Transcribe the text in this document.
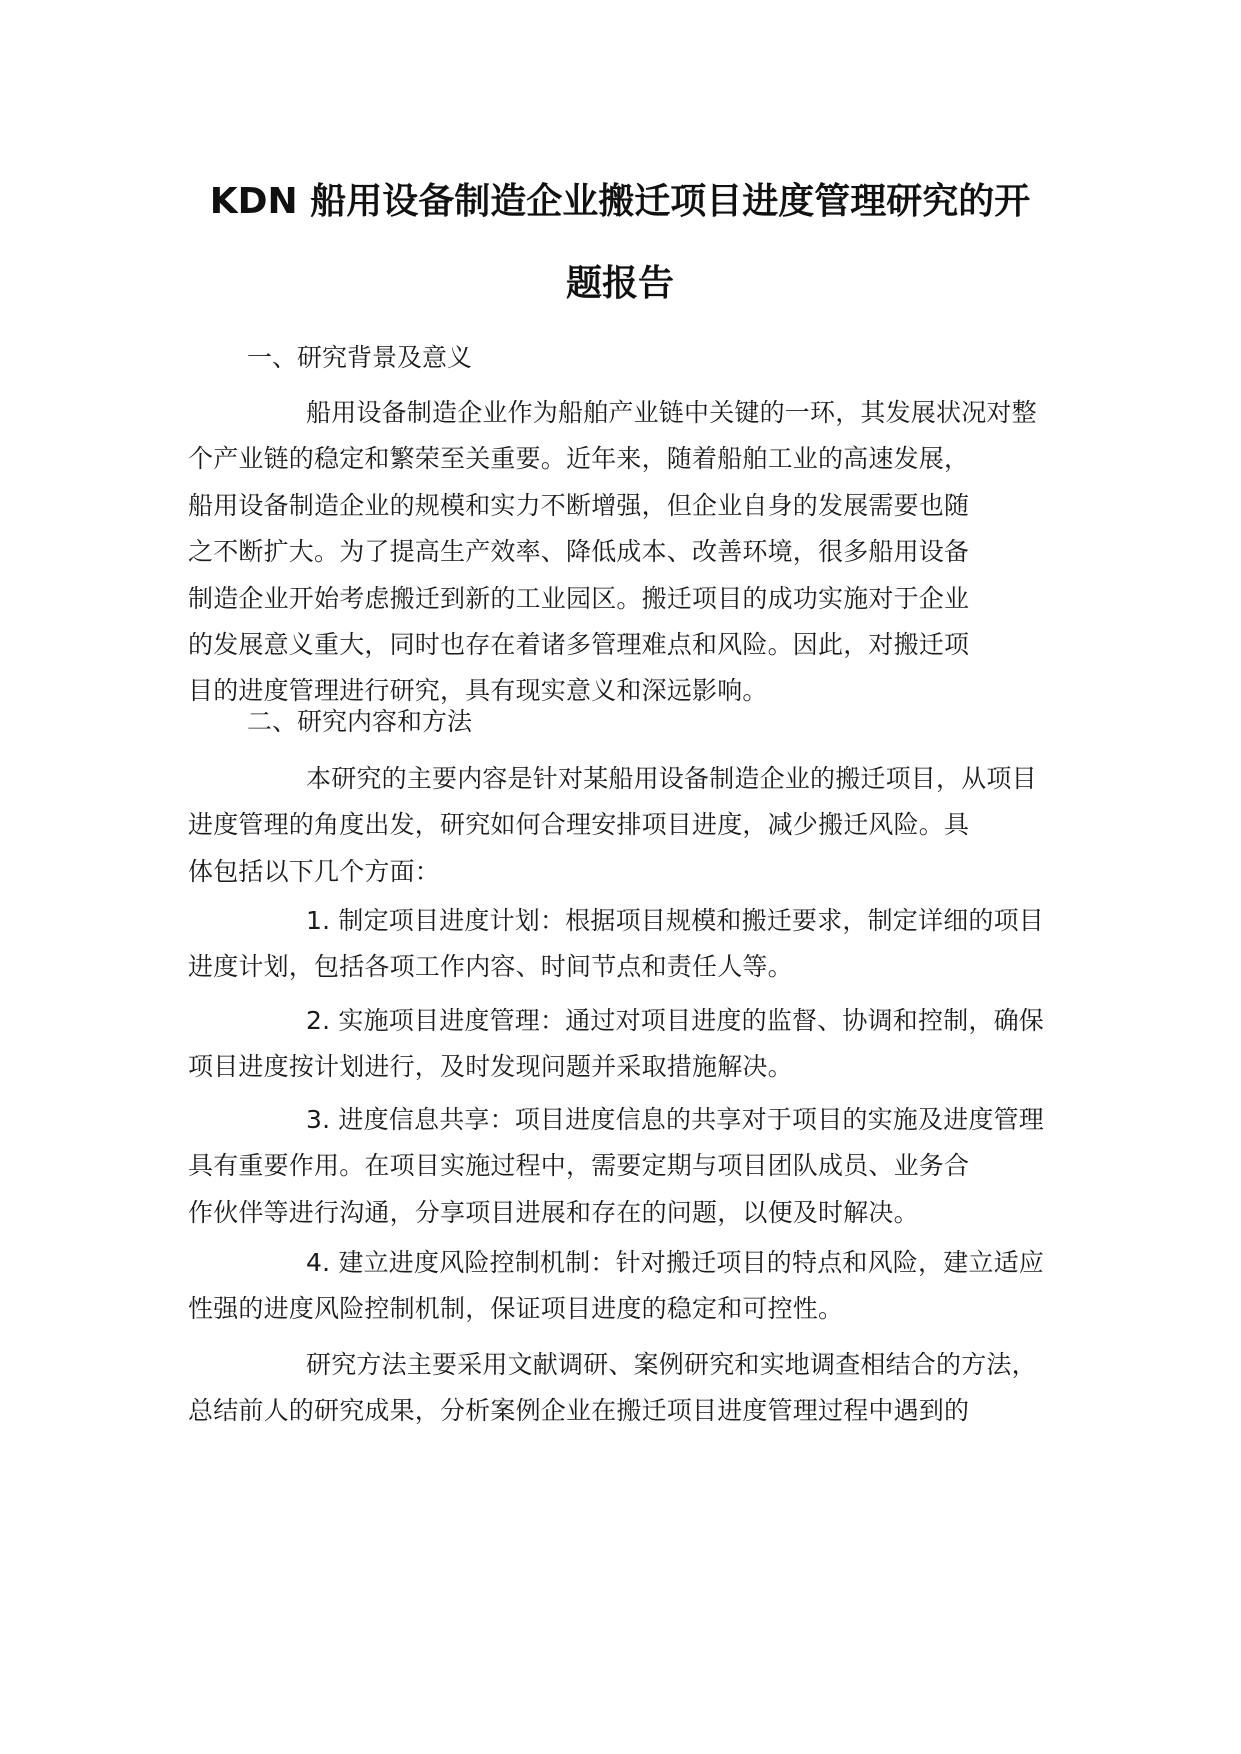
KDN 船用设备制造企业搬迁项目进度管理研究的开
题报告
一、研究背景及意义
船用设备制造企业作为船舶产业链中关键的一环，其发展状况对整
个产业链的稳定和繁荣至关重要。近年来，随着船舶工业的高速发展，
船用设备制造企业的规模和实力不断增强，但企业自身的发展需要也随
之不断扩大。为了提高生产效率、降低成本、改善环境，很多船用设备
制造企业开始考虑搬迁到新的工业园区。搬迁项目的成功实施对于企业
的发展意义重大，同时也存在着诸多管理难点和风险。因此，对搬迁项
目的进度管理进行研究，具有现实意义和深远影响。
二、研究内容和方法
本研究的主要内容是针对某船用设备制造企业的搬迁项目，从项目
进度管理的角度出发，研究如何合理安排项目进度，减少搬迁风险。具
体包括以下几个方面：
1. 制定项目进度计划：根据项目规模和搬迁要求，制定详细的项目
进度计划，包括各项工作内容、时间节点和责任人等。
2. 实施项目进度管理：通过对项目进度的监督、协调和控制，确保
项目进度按计划进行，及时发现问题并采取措施解决。
3. 进度信息共享：项目进度信息的共享对于项目的实施及进度管理
具有重要作用。在项目实施过程中，需要定期与项目团队成员、业务合
作伙伴等进行沟通，分享项目进展和存在的问题，以便及时解决。
4. 建立进度风险控制机制：针对搬迁项目的特点和风险，建立适应
性强的进度风险控制机制，保证项目进度的稳定和可控性。
研究方法主要采用文献调研、案例研究和实地调查相结合的方法，
总结前人的研究成果，分析案例企业在搬迁项目进度管理过程中遇到的
